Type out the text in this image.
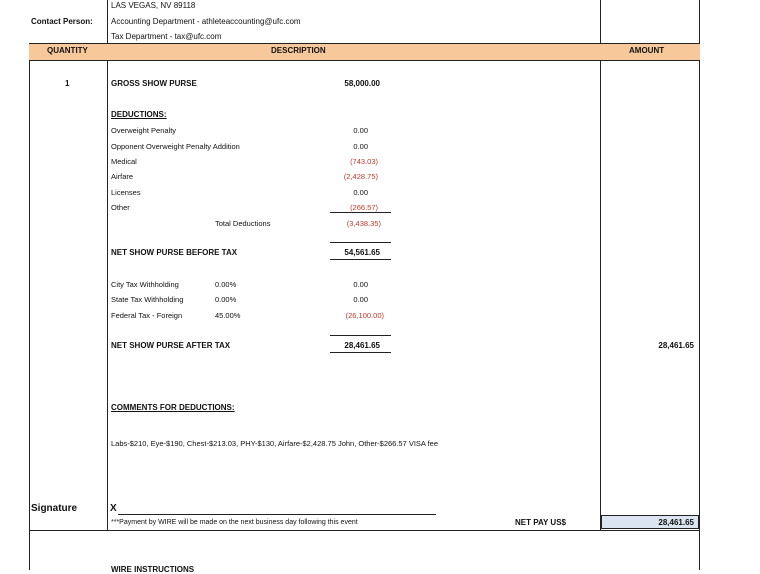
LAS VEGAS, NV 89118
Contact Person: Accounting Department - athleteaccounting@ufc.com
Tax Department - tax@ufc.com
QUANTITY	DESCRIPTION	AMOUNT
1	GROSS SHOW PURSE	58,000.00
DEDUCTIONS:
Overweight Penalty	0.00
Opponent Overweight Penalty Addition	0.00
Medical	(743.03)
Airfare	(2,428.75)
Licenses	0.00
Other	(266.57)
Total Deductions	(3,438.35)
NET SHOW PURSE BEFORE TAX	54,561.65
City Tax Withholding	0.00%	0.00
State Tax Withholding	0.00%	0.00
Federal Tax - Foreign	45.00%	(26,100.00)
NET SHOW PURSE AFTER TAX	28,461.65	28,461.65
COMMENTS FOR DEDUCTIONS:
Labs-$210, Eye-$190, Chest-$213.03, PHY-$130, Airfare-$2,428.75 John, Other-$266.57 VISA fee
Signature	X
***Payment by WIRE will be made on the next business day following this event	NET PAY US$	28,461.65
WIRE INSTRUCTIONS
